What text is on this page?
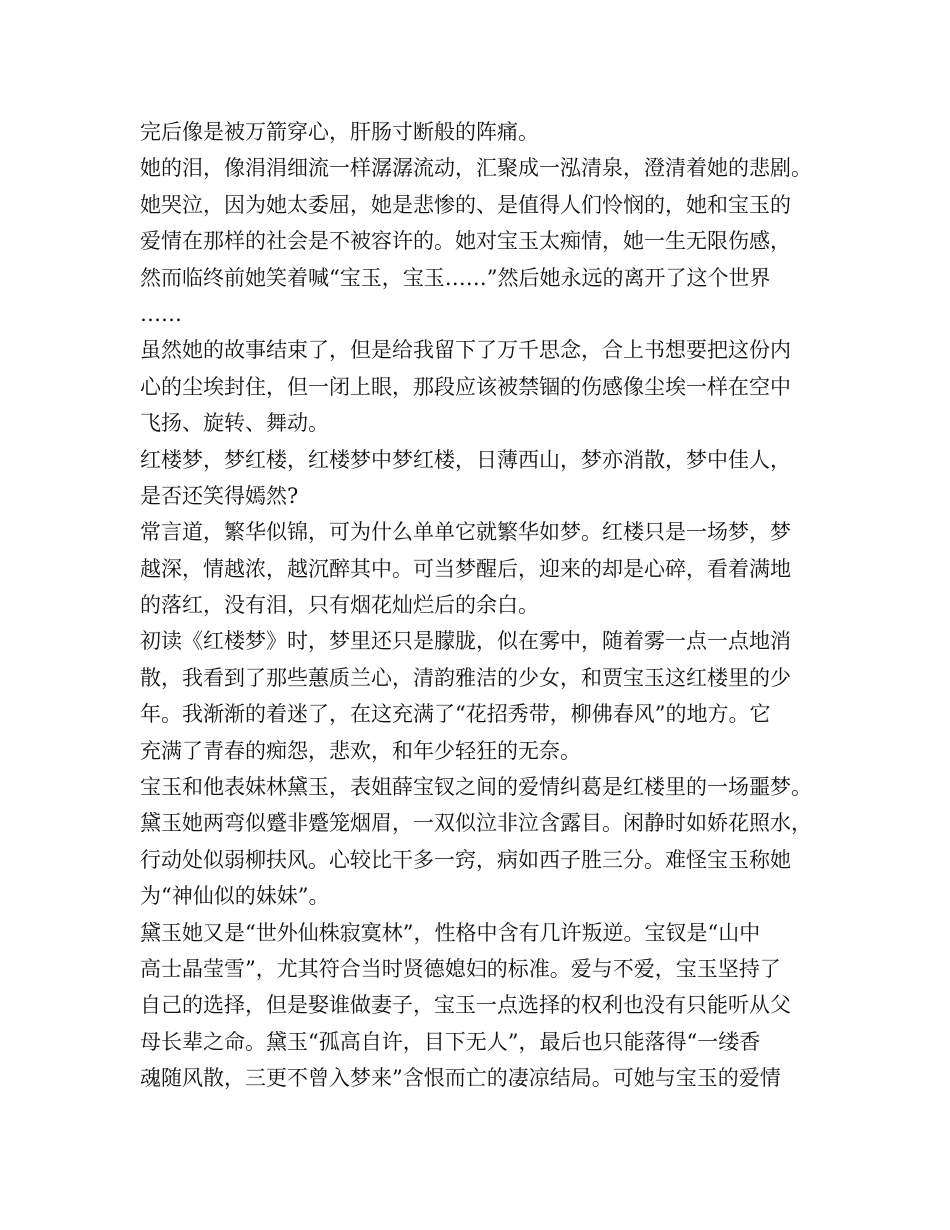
完后像是被万箭穿心，肝肠寸断般的阵痛。
她的泪，像涓涓细流一样潺潺流动，汇聚成一泓清泉，澄清着她的悲剧。
她哭泣，因为她太委屈，她是悲惨的、是值得人们怜悯的，她和宝玉的
爱情在那样的社会是不被容许的。她对宝玉太痴情，她一生无限伤感，
然而临终前她笑着喊“宝玉，宝玉……”然后她永远的离开了这个世界
……
虽然她的故事结束了，但是给我留下了万千思念，合上书想要把这份内
心的尘埃封住，但一闭上眼，那段应该被禁锢的伤感像尘埃一样在空中
飞扬、旋转、舞动。
红楼梦，梦红楼，红楼梦中梦红楼，日薄西山，梦亦消散，梦中佳人，
是否还笑得嫣然?
常言道，繁华似锦，可为什么单单它就繁华如梦。红楼只是一场梦，梦
越深，情越浓，越沉醉其中。可当梦醒后，迎来的却是心碎，看着满地
的落红，没有泪，只有烟花灿烂后的余白。
初读《红楼梦》时，梦里还只是朦胧，似在雾中，随着雾一点一点地消
散，我看到了那些蕙质兰心，清韵雅洁的少女，和贾宝玉这红楼里的少
年。我渐渐的着迷了，在这充满了“花招秀带，柳佛春风”的地方。它
充满了青春的痴怨，悲欢，和年少轻狂的无奈。
宝玉和他表妹林黛玉，表姐薛宝钗之间的爱情纠葛是红楼里的一场噩梦。
黛玉她两弯似蹙非蹙笼烟眉，一双似泣非泣含露目。闲静时如娇花照水，
行动处似弱柳扶风。心较比干多一窍，病如西子胜三分。难怪宝玉称她
为“神仙似的妹妹”。
黛玉她又是“世外仙株寂寞林”，性格中含有几许叛逆。宝钗是“山中
高士晶莹雪”，尤其符合当时贤德媳妇的标准。爱与不爱，宝玉坚持了
自己的选择，但是娶谁做妻子，宝玉一点选择的权利也没有只能听从父
母长辈之命。黛玉“孤高自许，目下无人”，最后也只能落得“一缕香
魂随风散，三更不曾入梦来”含恨而亡的凄凉结局。可她与宝玉的爱情
